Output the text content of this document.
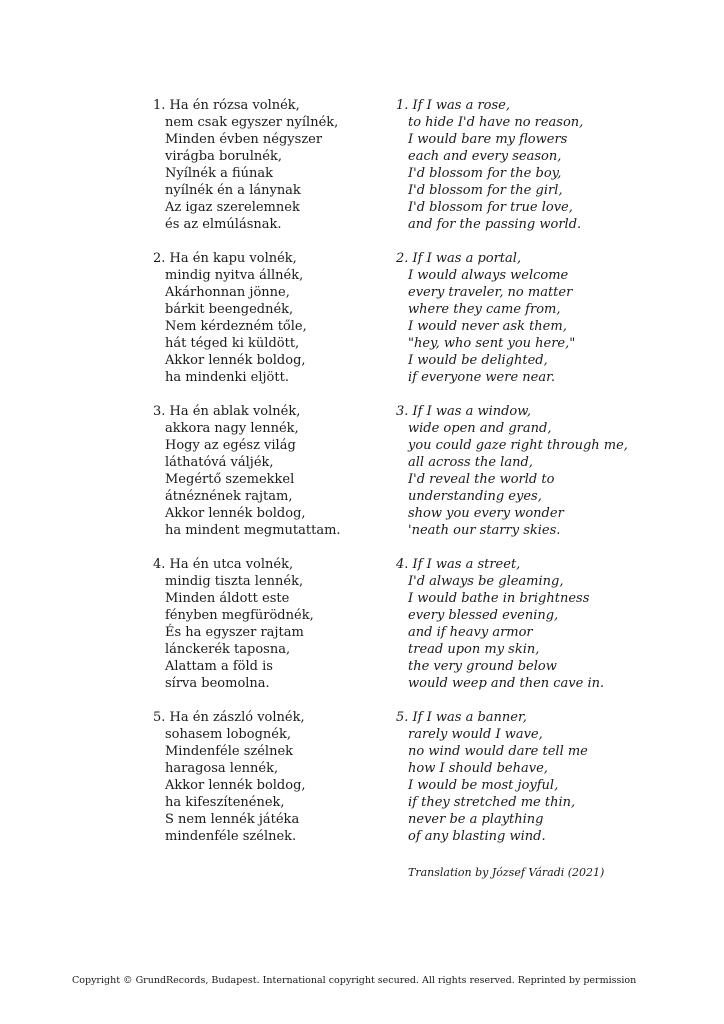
1. Ha én rózsa volnék,
nem csak egyszer nyílnék,
Minden évben négyszer
virágba borulnék,
Nyílnék a fiúnak
nyílnék én a lánynak
Az igaz szerelemnek
és az elmúlásnak.
2. Ha én kapu volnék,
mindig nyitva állnék,
Akárhonnan jönne,
bárkit beengednék,
Nem kérdezném tőle,
hát téged ki küldött,
Akkor lennék boldog,
ha mindenki eljött.
3. Ha én ablak volnék,
akkora nagy lennék,
Hogy az egész világ
láthatóvá váljék,
Megértő szemekkel
átnéznének rajtam,
Akkor lennék boldog,
ha mindent megmutattam.
4. Ha én utca volnék,
mindig tiszta lennék,
Minden áldott este
fényben megfürödnék,
És ha egyszer rajtam
lánckerék taposna,
Alattam a föld is
sírva beomolna.
5. Ha én zászló volnék,
sohasem lobognék,
Mindenféle szélnek
haragosa lennék,
Akkor lennék boldog,
ha kifeszítenének,
S nem lennék játéka
mindenféle szélnek.
1. If I was a rose,
to hide I'd have no reason,
I would bare my flowers
each and every season,
I'd blossom for the boy,
I'd blossom for the girl,
I'd blossom for true love,
and for the passing world.
2. If I was a portal,
I would always welcome
every traveler, no matter
where they came from,
I would never ask them,
"hey, who sent you here,"
I would be delighted,
if everyone were near.
3. If I was a window,
wide open and grand,
you could gaze right through me,
all across the land,
I'd reveal the world to
understanding eyes,
show you every wonder
'neath our starry skies.
4. If I was a street,
I'd always be gleaming,
I would bathe in brightness
every blessed evening,
and if heavy armor
tread upon my skin,
the very ground below
would weep and then cave in.
5. If I was a banner,
rarely would I wave,
no wind would dare tell me
how I should behave,
I would be most joyful,
if they stretched me thin,
never be a plaything
of any blasting wind.
Translation by József Váradi (2021)
Copyright © GrundRecords, Budapest. International copyright secured. All rights reserved. Reprinted by permission
